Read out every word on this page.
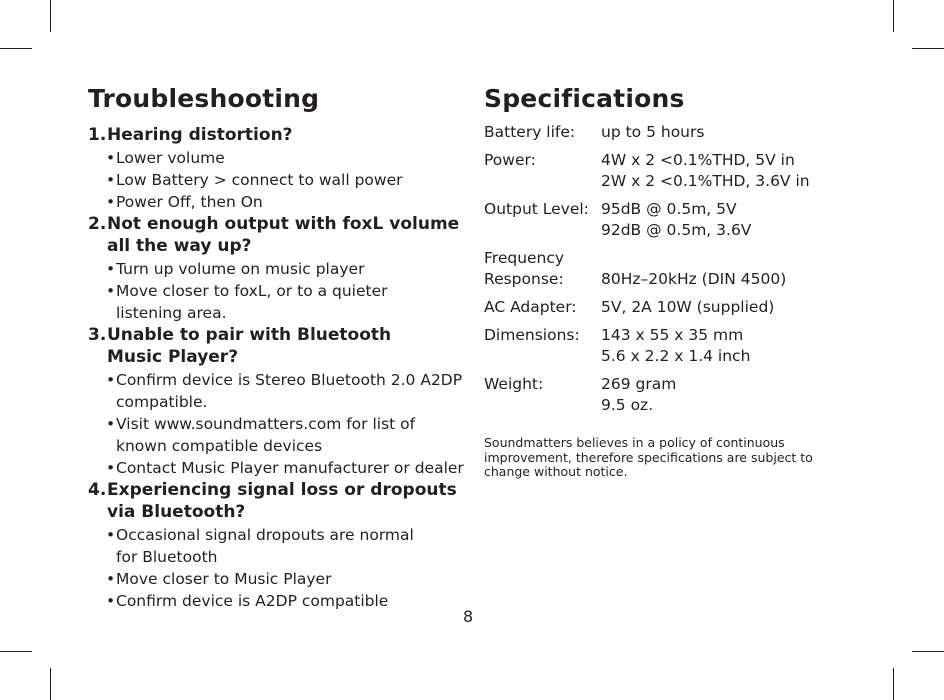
Troubleshooting
1. Hearing distortion?
• Lower volume
• Low Battery > connect to wall power
• Power Off, then On
2. Not enough output with foxL volume
all the way up?
• Turn up volume on music player
• Move closer to foxL, or to a quieter
listening area.
3. Unable to pair with Bluetooth
Music Player?
• Confirm device is Stereo Bluetooth 2.0 A2DP
compatible.
• Visit www.soundmatters.com for list of
known compatible devices
• Contact Music Player manufacturer or dealer
4. Experiencing signal loss or dropouts
via Bluetooth?
• Occasional signal dropouts are normal
for Bluetooth
• Move closer to Music Player
• Confirm device is A2DP compatible
Specifications
Battery life:	up to 5 hours
Power:	4W x 2 <0.1%THD, 5V in
2W x 2 <0.1%THD, 3.6V in
Output Level: 95dB @ 0.5m, 5V
92dB @ 0.5m, 3.6V
Frequency
Response:
	80Hz–20kHz (DIN 4500)
AC Adapter:	5V, 2A 10W (supplied)
Dimensions:	143 x 55 x 35 mm
5.6 x 2.2 x 1.4 inch
Weight:	269 gram
9.5 oz.
Soundmatters believes in a policy of continuous improvement, therefore specifications are subject to change without notice.
8
